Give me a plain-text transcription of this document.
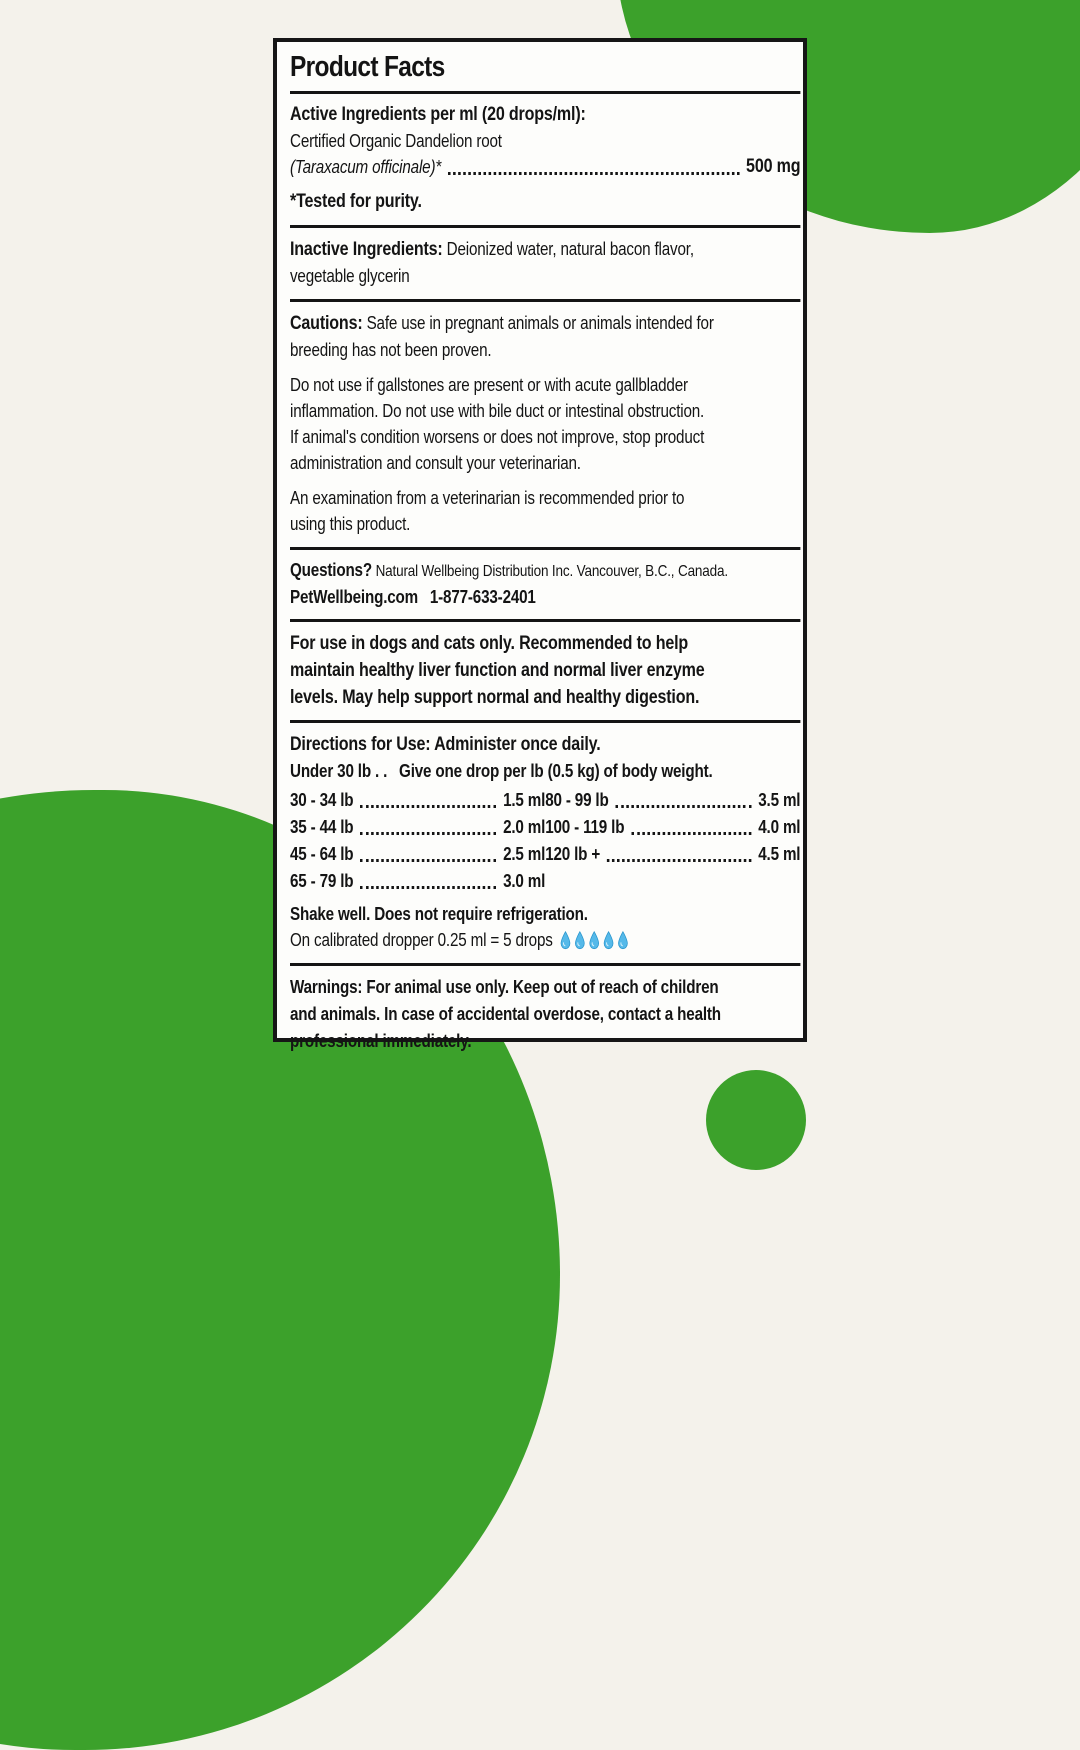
Product Facts
Active Ingredients per ml (20 drops/ml):
Certified Organic Dandelion root
(Taraxacum officinale)*	500 mg
*Tested for purity.
Inactive Ingredients: Deionized water, natural bacon flavor,
vegetable glycerin
Cautions: Safe use in pregnant animals or animals intended for
breeding has not been proven.
Do not use if gallstones are present or with acute gallbladder
inflammation. Do not use with bile duct or intestinal obstruction.
If animal's condition worsens or does not improve, stop product
administration and consult your veterinarian.
An examination from a veterinarian is recommended prior to
using this product.
Questions? Natural Wellbeing Distribution Inc. Vancouver, B.C., Canada.
PetWellbeing.com 1-877-633-2401
For use in dogs and cats only. Recommended to help
maintain healthy liver function and normal liver enzyme
levels. May help support normal and healthy digestion.
Directions for Use: Administer once daily.
Under 30 lb . . Give one drop per lb (0.5 kg) of body weight.
30 - 34 lb	1.5 ml
35 - 44 lb	2.0 ml
45 - 64 lb	2.5 ml
65 - 79 lb	3.0 ml
80 - 99 lb	3.5 ml
100 - 119 lb	4.0 ml
120 lb +	4.5 ml
Shake well. Does not require refrigeration.
On calibrated dropper 0.25 ml = 5 drops
Warnings: For animal use only. Keep out of reach of children
and animals. In case of accidental overdose, contact a health
professional immediately.
